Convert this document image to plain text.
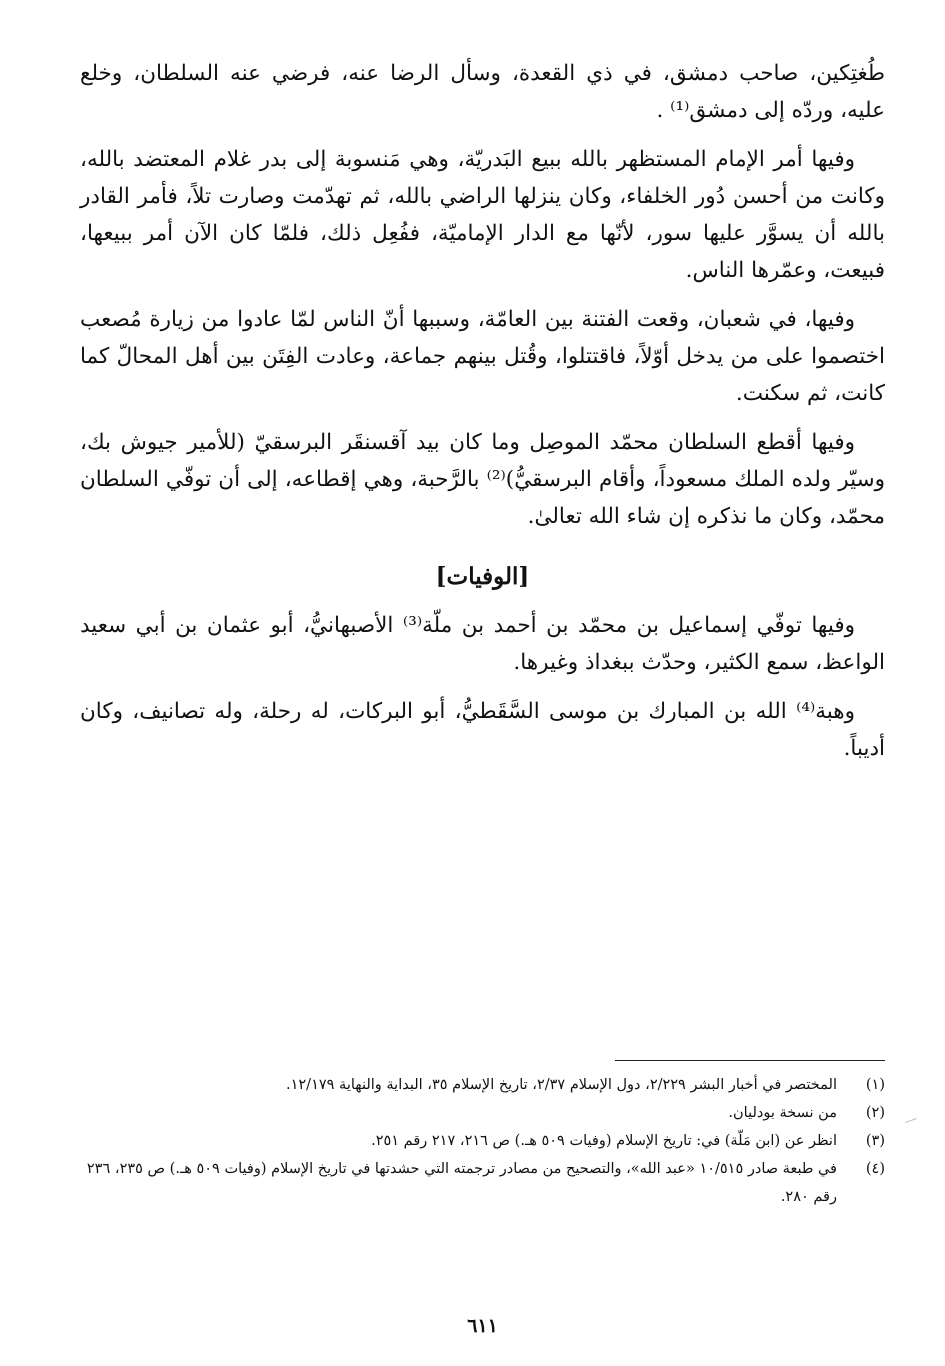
طُغتِكين، صاحب دمشق، في ذي القعدة، وسأل الرضا عنه، فرضي عنه السلطان، وخلع عليه، وردّه إلى دمشق⁽¹⁾ .

وفيها أمر الإمام المستظهر بالله ببيع البَدريّة، وهي مَنسوبة إلى بدر غلام المعتضد بالله، وكانت من أحسن دُور الخلفاء، وكان ينزلها الراضي بالله، ثم تهدّمت وصارت تلاً، فأمر القادر بالله أن يسوَّر عليها سور، لأنّها مع الدار الإماميّة، ففُعِل ذلك، فلمّا كان الآن أمر ببيعها، فبيعت، وعمّرها الناس.

وفيها، في شعبان، وقعت الفتنة بين العامّة، وسببها أنّ الناس لمّا عادوا من زيارة مُصعب اختصموا على من يدخل أوّلاً، فاقتتلوا، وقُتل بينهم جماعة، وعادت الفِتَن بين أهل المحالّ كما كانت، ثم سكنت.

وفيها أقطع السلطان محمّد الموصِل وما كان بيد آقسنقَر البرسقيّ (للأمير جيوش بك، وسيّر ولده الملك مسعوداً، وأقام البرسقيُّ)⁽²⁾ بالرَّحبة، وهي إقطاعه، إلى أن توفّي السلطان محمّد، وكان ما نذكره إن شاء الله تعالىٰ.

[الوفيات]

وفيها توفّي إسماعيل بن محمّد بن أحمد بن ملّة⁽³⁾ الأصبهانيُّ، أبو عثمان بن أبي سعيد الواعظ، سمع الكثير، وحدّث ببغداذ وغيرها.

وهبة⁽⁴⁾ الله بن المبارك بن موسى السَّقَطيُّ، أبو البركات، له رحلة، وله تصانيف، وكان أديباً.

(١)
المختصر في أخبار البشر ٢/٢٢٩، دول الإسلام ٢/٣٧، تاريخ الإسلام ٣٥، البداية والنهاية ١٢/١٧٩.
(٢)
من نسخة بودليان.
(٣)
انظر عن (ابن مَلّة) في: تاريخ الإسلام (وفيات ٥٠٩ هـ.) ص ٢١٦، ٢١٧ رقم ٢٥١.
(٤)
في طبعة صادر ١٠/٥١٥ «عبد الله»، والتصحيح من مصادر ترجمته التي حشدتها في تاريخ الإسلام (وفيات ٥٠٩ هـ.) ص ٢٣٥، ٢٣٦ رقم ٢٨٠.
٦١١
